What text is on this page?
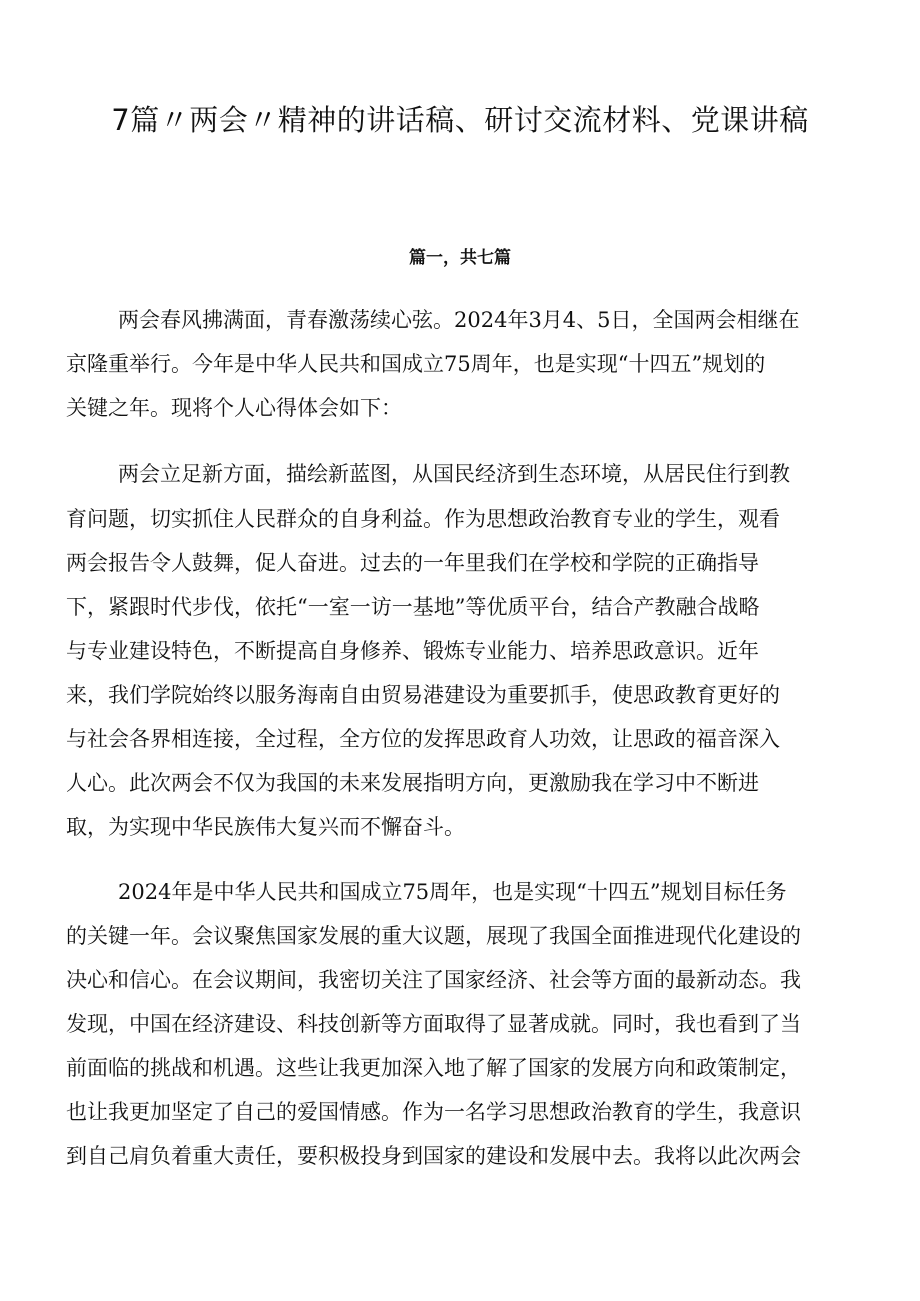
7篇〃两会〃精神的讲话稿、研讨交流材料、党课讲稿
篇一，共七篇
两会春风拂满面，青春激荡续心弦。2024年3月4、5日，全国两会相继在
京隆重举行。今年是中华人民共和国成立75周年，也是实现“十四五”规划的
关键之年。现将个人心得体会如下：
两会立足新方面，描绘新蓝图，从国民经济到生态环境，从居民住行到教
育问题，切实抓住人民群众的自身利益。作为思想政治教育专业的学生，观看
两会报告令人鼓舞，促人奋进。过去的一年里我们在学校和学院的正确指导
下，紧跟时代步伐，依托“一室一访一基地”等优质平台，结合产教融合战略
与专业建设特色，不断提高自身修养、锻炼专业能力、培养思政意识。近年
来，我们学院始终以服务海南自由贸易港建设为重要抓手，使思政教育更好的
与社会各界相连接，全过程，全方位的发挥思政育人功效，让思政的福音深入
人心。此次两会不仅为我国的未来发展指明方向，更激励我在学习中不断进
取，为实现中华民族伟大复兴而不懈奋斗。
2024年是中华人民共和国成立75周年，也是实现“十四五”规划目标任务
的关键一年。会议聚焦国家发展的重大议题，展现了我国全面推进现代化建设的
决心和信心。在会议期间，我密切关注了国家经济、社会等方面的最新动态。我
发现，中国在经济建设、科技创新等方面取得了显著成就。同时，我也看到了当
前面临的挑战和机遇。这些让我更加深入地了解了国家的发展方向和政策制定，
也让我更加坚定了自己的爱国情感。作为一名学习思想政治教育的学生，我意识
到自己肩负着重大责任，要积极投身到国家的建设和发展中去。我将以此次两会
